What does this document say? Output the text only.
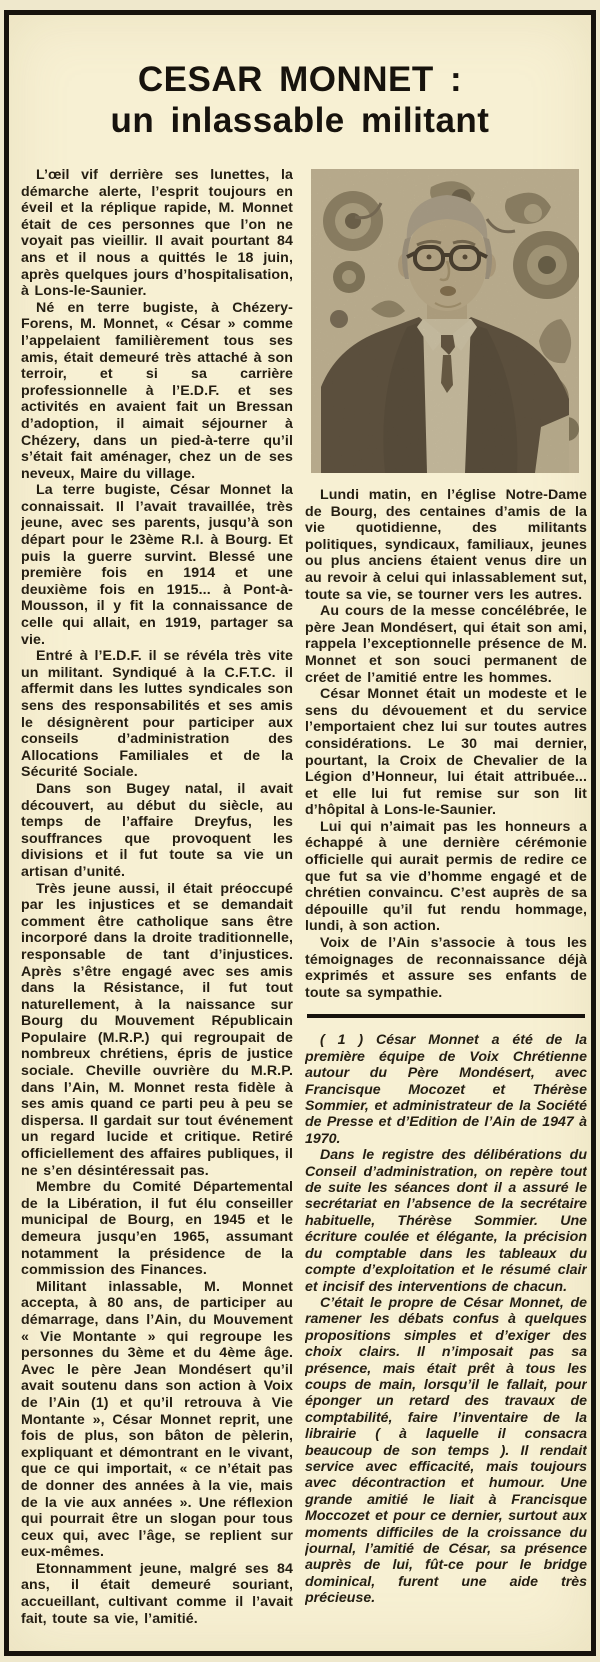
CESAR MONNET :
un inlassable militant

L’œil vif derrière ses lunettes, la démarche alerte, l’esprit toujours en éveil et la réplique rapide, M. Monnet était de ces personnes que l’on ne voyait pas vieillir. Il avait pourtant 84 ans et il nous a quittés le 18 juin, après quelques jours d’hospitalisation, à Lons-le-Saunier.

Né en terre bugiste, à Chézery-Forens, M. Monnet, « César » comme l’appelaient familièrement tous ses amis, était demeuré très attaché à son terroir, et si sa carrière professionnelle à l’E.D.F. et ses activités en avaient fait un Bressan d’adoption, il aimait séjourner à Chézery, dans un pied-à-terre qu’il s’était fait aménager, chez un de ses neveux, Maire du village.

La terre bugiste, César Monnet la connaissait. Il l’avait travaillée, très jeune, avec ses parents, jusqu’à son départ pour le 23ème R.I. à Bourg. Et puis la guerre survint. Blessé une première fois en 1914 et une deuxième fois en 1915... à Pont-à-Mousson, il y fit la connaissance de celle qui allait, en 1919, partager sa vie.

Entré à l’E.D.F. il se révéla très vite un militant. Syndiqué à la C.F.T.C. il affermit dans les luttes syndicales son sens des responsabilités et ses amis le désignèrent pour participer aux conseils d’administration des Allocations Familiales et de la Sécurité Sociale.

Dans son Bugey natal, il avait découvert, au début du siècle, au temps de l’affaire Dreyfus, les souffrances que provoquent les divisions et il fut toute sa vie un artisan d’unité.

Très jeune aussi, il était préoccupé par les injustices et se demandait comment être catholique sans être incorporé dans la droite traditionnelle, responsable de tant d’injustices. Après s’être engagé avec ses amis dans la Résistance, il fut tout naturellement, à la naissance sur Bourg du Mouvement Républicain Populaire (M.R.P.) qui regroupait de nombreux chrétiens, épris de justice sociale. Cheville ouvrière du M.R.P. dans l’Ain, M. Monnet resta fidèle à ses amis quand ce parti peu à peu se dispersa. Il gardait sur tout événement un regard lucide et critique. Retiré officiellement des affaires publiques, il ne s’en désintéressait pas.

Membre du Comité Départemental de la Libération, il fut élu conseiller municipal de Bourg, en 1945 et le demeura jusqu’en 1965, assumant notamment la présidence de la commission des Finances.

Militant inlassable, M. Monnet accepta, à 80 ans, de participer au démarrage, dans l’Ain, du Mouvement « Vie Montante » qui regroupe les personnes du 3ème et du 4ème âge. Avec le père Jean Mondésert qu’il avait soutenu dans son action à Voix de l’Ain (1) et qu’il retrouva à Vie Montante », César Monnet reprit, une fois de plus, son bâton de pèlerin, expliquant et démontrant en le vivant, que ce qui importait, « ce n’était pas de donner des années à la vie, mais de la vie aux années ». Une réflexion qui pourrait être un slogan pour tous ceux qui, avec l’âge, se replient sur eux-mêmes.

Etonnamment jeune, malgré ses 84 ans, il était demeuré souriant, accueillant, cultivant comme il l’avait fait, toute sa vie, l’amitié.

Lundi matin, en l’église Notre-Dame de Bourg, des centaines d’amis de la vie quotidienne, des militants politiques, syndicaux, familiaux, jeunes ou plus anciens étaient venus dire un au revoir à celui qui inlassablement sut, toute sa vie, se tourner vers les autres.

Au cours de la messe concélébrée, le père Jean Mondésert, qui était son ami, rappela l’exceptionnelle présence de M. Monnet et son souci permanent de créet de l’amitié entre les hommes.

César Monnet était un modeste et le sens du dévouement et du service l’emportaient chez lui sur toutes autres considérations. Le 30 mai dernier, pourtant, la Croix de Chevalier de la Légion d’Honneur, lui était attribuée... et elle lui fut remise sur son lit d’hôpital à Lons-le-Saunier.

Lui qui n’aimait pas les honneurs a échappé à une dernière cérémonie officielle qui aurait permis de redire ce que fut sa vie d’homme engagé et de chrétien convaincu. C’est auprès de sa dépouille qu’il fut rendu hommage, lundi, à son action.

Voix de l’Ain s’associe à tous les témoignages de reconnaissance déjà exprimés et assure ses enfants de toute sa sympathie.

( 1 ) César Monnet a été de la première équipe de Voix Chrétienne autour du Père Mondésert, avec Francisque Mocozet et Thérèse Sommier, et administrateur de la Société de Presse et d’Edition de l’Ain de 1947 à 1970.

Dans le registre des délibérations du Conseil d’administration, on repère tout de suite les séances dont il a assuré le secrétariat en l’absence de la secrétaire habituelle, Thérèse Sommier. Une écriture coulée et élégante, la précision du comptable dans les tableaux du compte d’exploitation et le résumé clair et incisif des interventions de chacun.

C’était le propre de César Monnet, de ramener les débats confus à quelques propositions simples et d’exiger des choix clairs. Il n’imposait pas sa présence, mais était prêt à tous les coups de main, lorsqu’il le fallait, pour éponger un retard des travaux de comptabilité, faire l’inventaire de la librairie ( à laquelle il consacra beaucoup de son temps ). Il rendait service avec efficacité, mais toujours avec décontraction et humour. Une grande amitié le liait à Francisque Moccozet et pour ce dernier, surtout aux moments difficiles de la croissance du journal, l’amitié de César, sa présence auprès de lui, fût-ce pour le bridge dominical, furent une aide très précieuse.
